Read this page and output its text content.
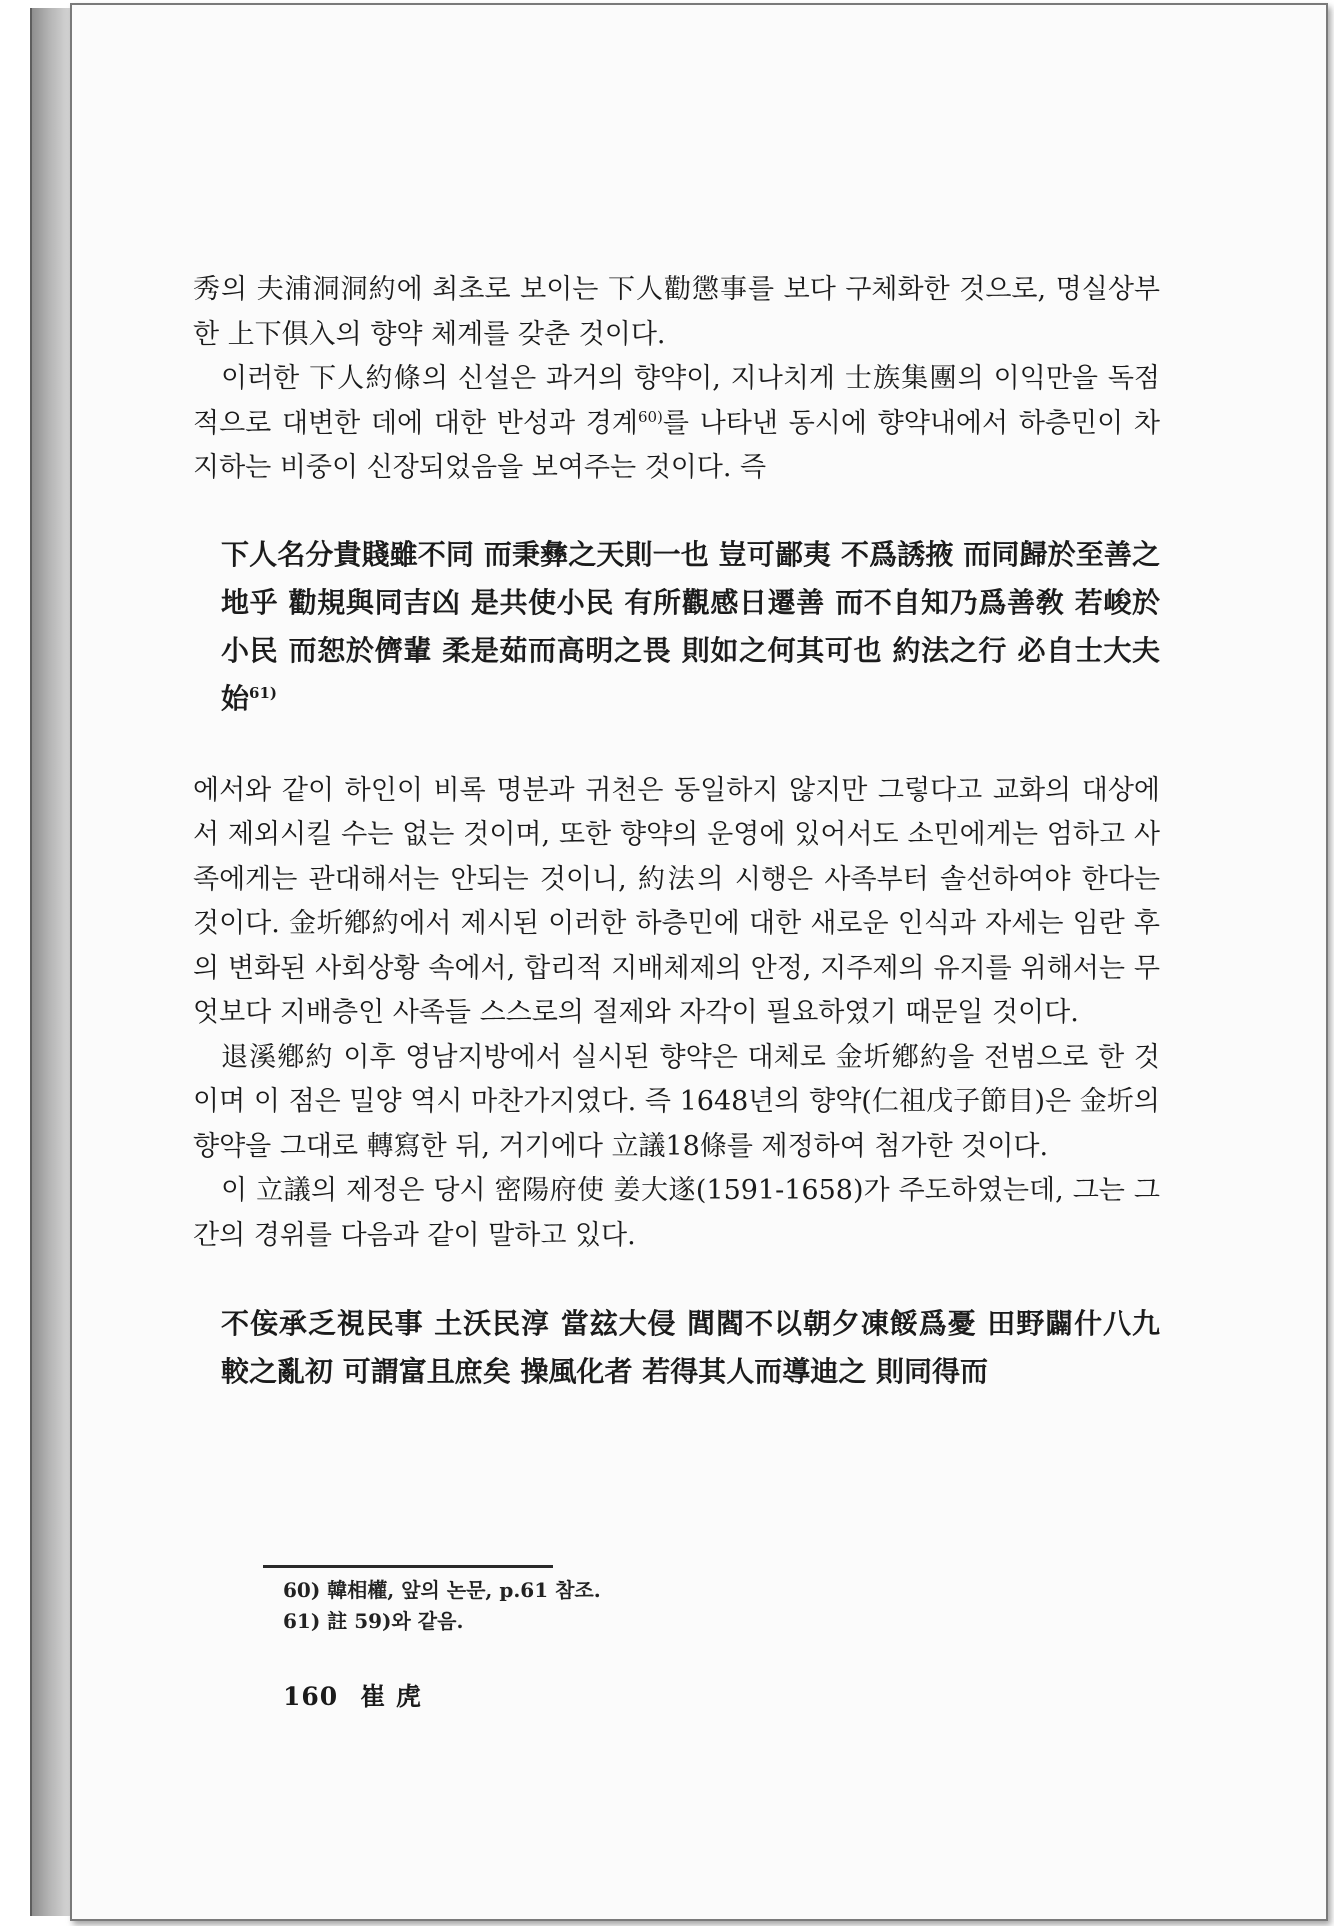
秀의 夫浦洞洞約에 최초로 보이는 下人勸懲事를 보다 구체화한 것으로, 명실상부한 上下俱入의 향약 체계를 갖춘 것이다.

이러한 下人約條의 신설은 과거의 향약이, 지나치게 士族集團의 이익만을 독점적으로 대변한 데에 대한 반성과 경계$^{60)}$를 나타낸 동시에 향약내에서 하층민이 차지하는 비중이 신장되었음을 보여주는 것이다. 즉

下人名分貴賤雖不同 而秉彝之天則一也 豈可鄙夷 不爲誘掖 而同歸於至善之地乎 勸規與同吉凶 是共使小民 有所觀感日遷善 而不自知乃爲善敎 若峻於小民 而恕於儕輩 柔是茹而高明之畏 則如之何其可也 約法之行 必自士大夫始$^{61)}$

에서와 같이 하인이 비록 명분과 귀천은 동일하지 않지만 그렇다고 교화의 대상에서 제외시킬 수는 없는 것이며, 또한 향약의 운영에 있어서도 소민에게는 엄하고 사족에게는 관대해서는 안되는 것이니, 約法의 시행은 사족부터 솔선하여야 한다는 것이다. 金圻鄕約에서 제시된 이러한 하층민에 대한 새로운 인식과 자세는 임란 후의 변화된 사회상황 속에서, 합리적 지배체제의 안정, 지주제의 유지를 위해서는 무엇보다 지배층인 사족들 스스로의 절제와 자각이 필요하였기 때문일 것이다.

退溪鄕約 이후 영남지방에서 실시된 향약은 대체로 金圻鄕約을 전범으로 한 것이며 이 점은 밀양 역시 마찬가지였다. 즉 1648년의 향약(仁祖戊子節目)은 金圻의 향약을 그대로 轉寫한 뒤, 거기에다 立議18條를 제정하여 첨가한 것이다.

이 立議의 제정은 당시 密陽府使 姜大遂(1591-1658)가 주도하였는데, 그는 그간의 경위를 다음과 같이 말하고 있다.

不侫承乏視民事 土沃民淳 當玆大侵 閭閻不以朝夕凍餒爲憂 田野闢什八九 較之亂初 可謂富且庶矣 操風化者 若得其人而導迪之 則同得而

60) 韓相權, 앞의 논문, p.61 참조.
61) 註 59)와 같음.
160 崔 虎
